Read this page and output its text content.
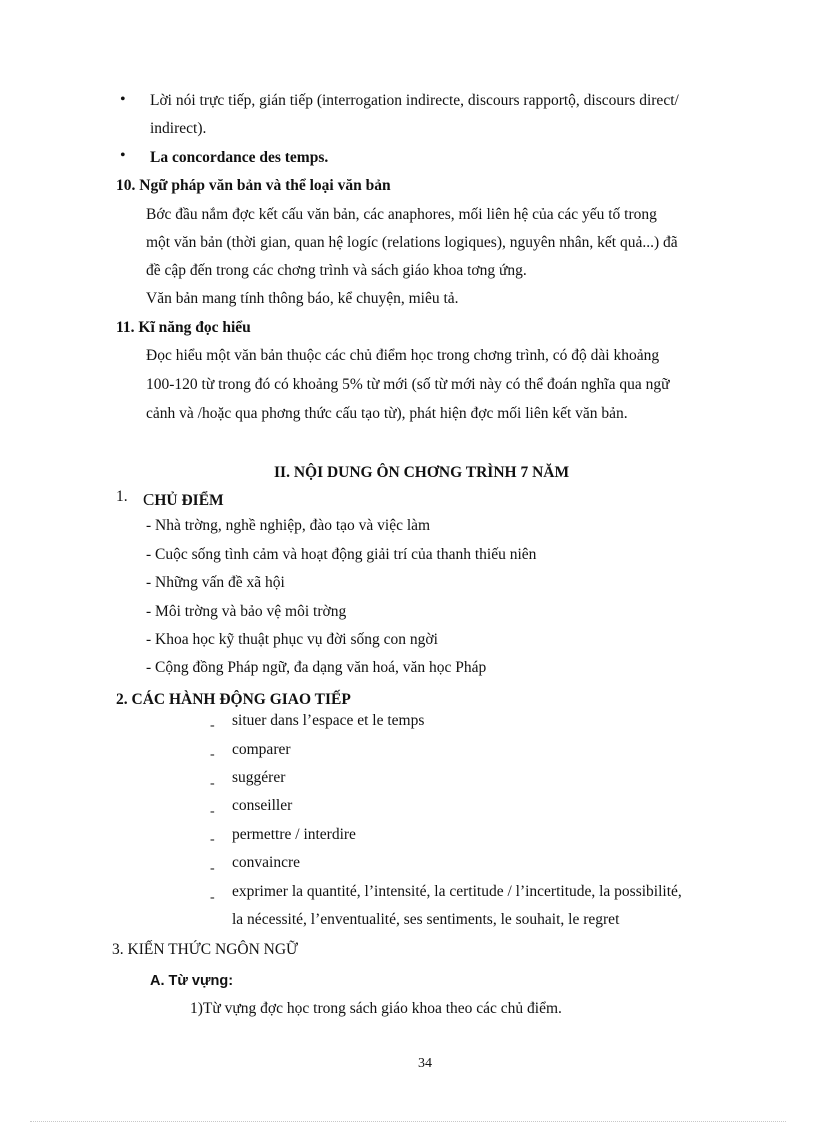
• Lời nói trực tiếp, gián tiếp (interrogation indirecte, discours rapportộ, discours direct/
indirect).
• La concordance des temps.
10. Ngữ pháp văn bản và thể loại văn bản
Bớc đầu nắm đợc kết cấu văn bản, các anaphores, mối liên hệ của các yếu tố trong
một văn bản (thời gian, quan hệ logíc (relations logiques), nguyên nhân, kết quả...) đã
đề cập đến trong các chơng trình và sách giáo khoa tơng ứng.
Văn bản mang tính thông báo, kể chuyện, miêu tả.
11. Kĩ năng đọc hiểu
Đọc hiểu một văn bản thuộc các chủ điểm học trong chơng trình, có độ dài khoảng
100-120 từ trong đó có khoảng 5% từ mới (số từ mới này có thể đoán nghĩa qua ngữ
cảnh và /hoặc qua phơng thức cấu tạo từ), phát hiện đợc mối liên kết văn bản.
II. NỘI DUNG ÔN CHƠNG TRÌNH 7 NĂM
1. CHỦ ĐIỂM
- Nhà trờng, nghề nghiệp, đào tạo và việc làm
- Cuộc sống tình cảm và hoạt động giải trí của thanh thiếu niên
- Những vấn đề xã hội
- Môi trờng và bảo vệ môi trờng
- Khoa học kỹ thuật phục vụ đời sống con ngời
- Cộng đồng Pháp ngữ, đa dạng văn hoá, văn học Pháp
2. CÁC HÀNH ĐỘNG GIAO TIẾP
- situer dans l’espace et le temps
- comparer
- suggérer
- conseiller
- permettre / interdire
- convaincre
- exprimer la quantité, l’intensité, la certitude / l’incertitude, la possibilité,
la nécessité, l’enventualité, ses sentiments, le souhait, le regret
3. KIẾN THỨC NGÔN NGỮ
A. Từ vựng:
1)Từ vựng đợc học trong sách giáo khoa theo các chủ điểm.
34
